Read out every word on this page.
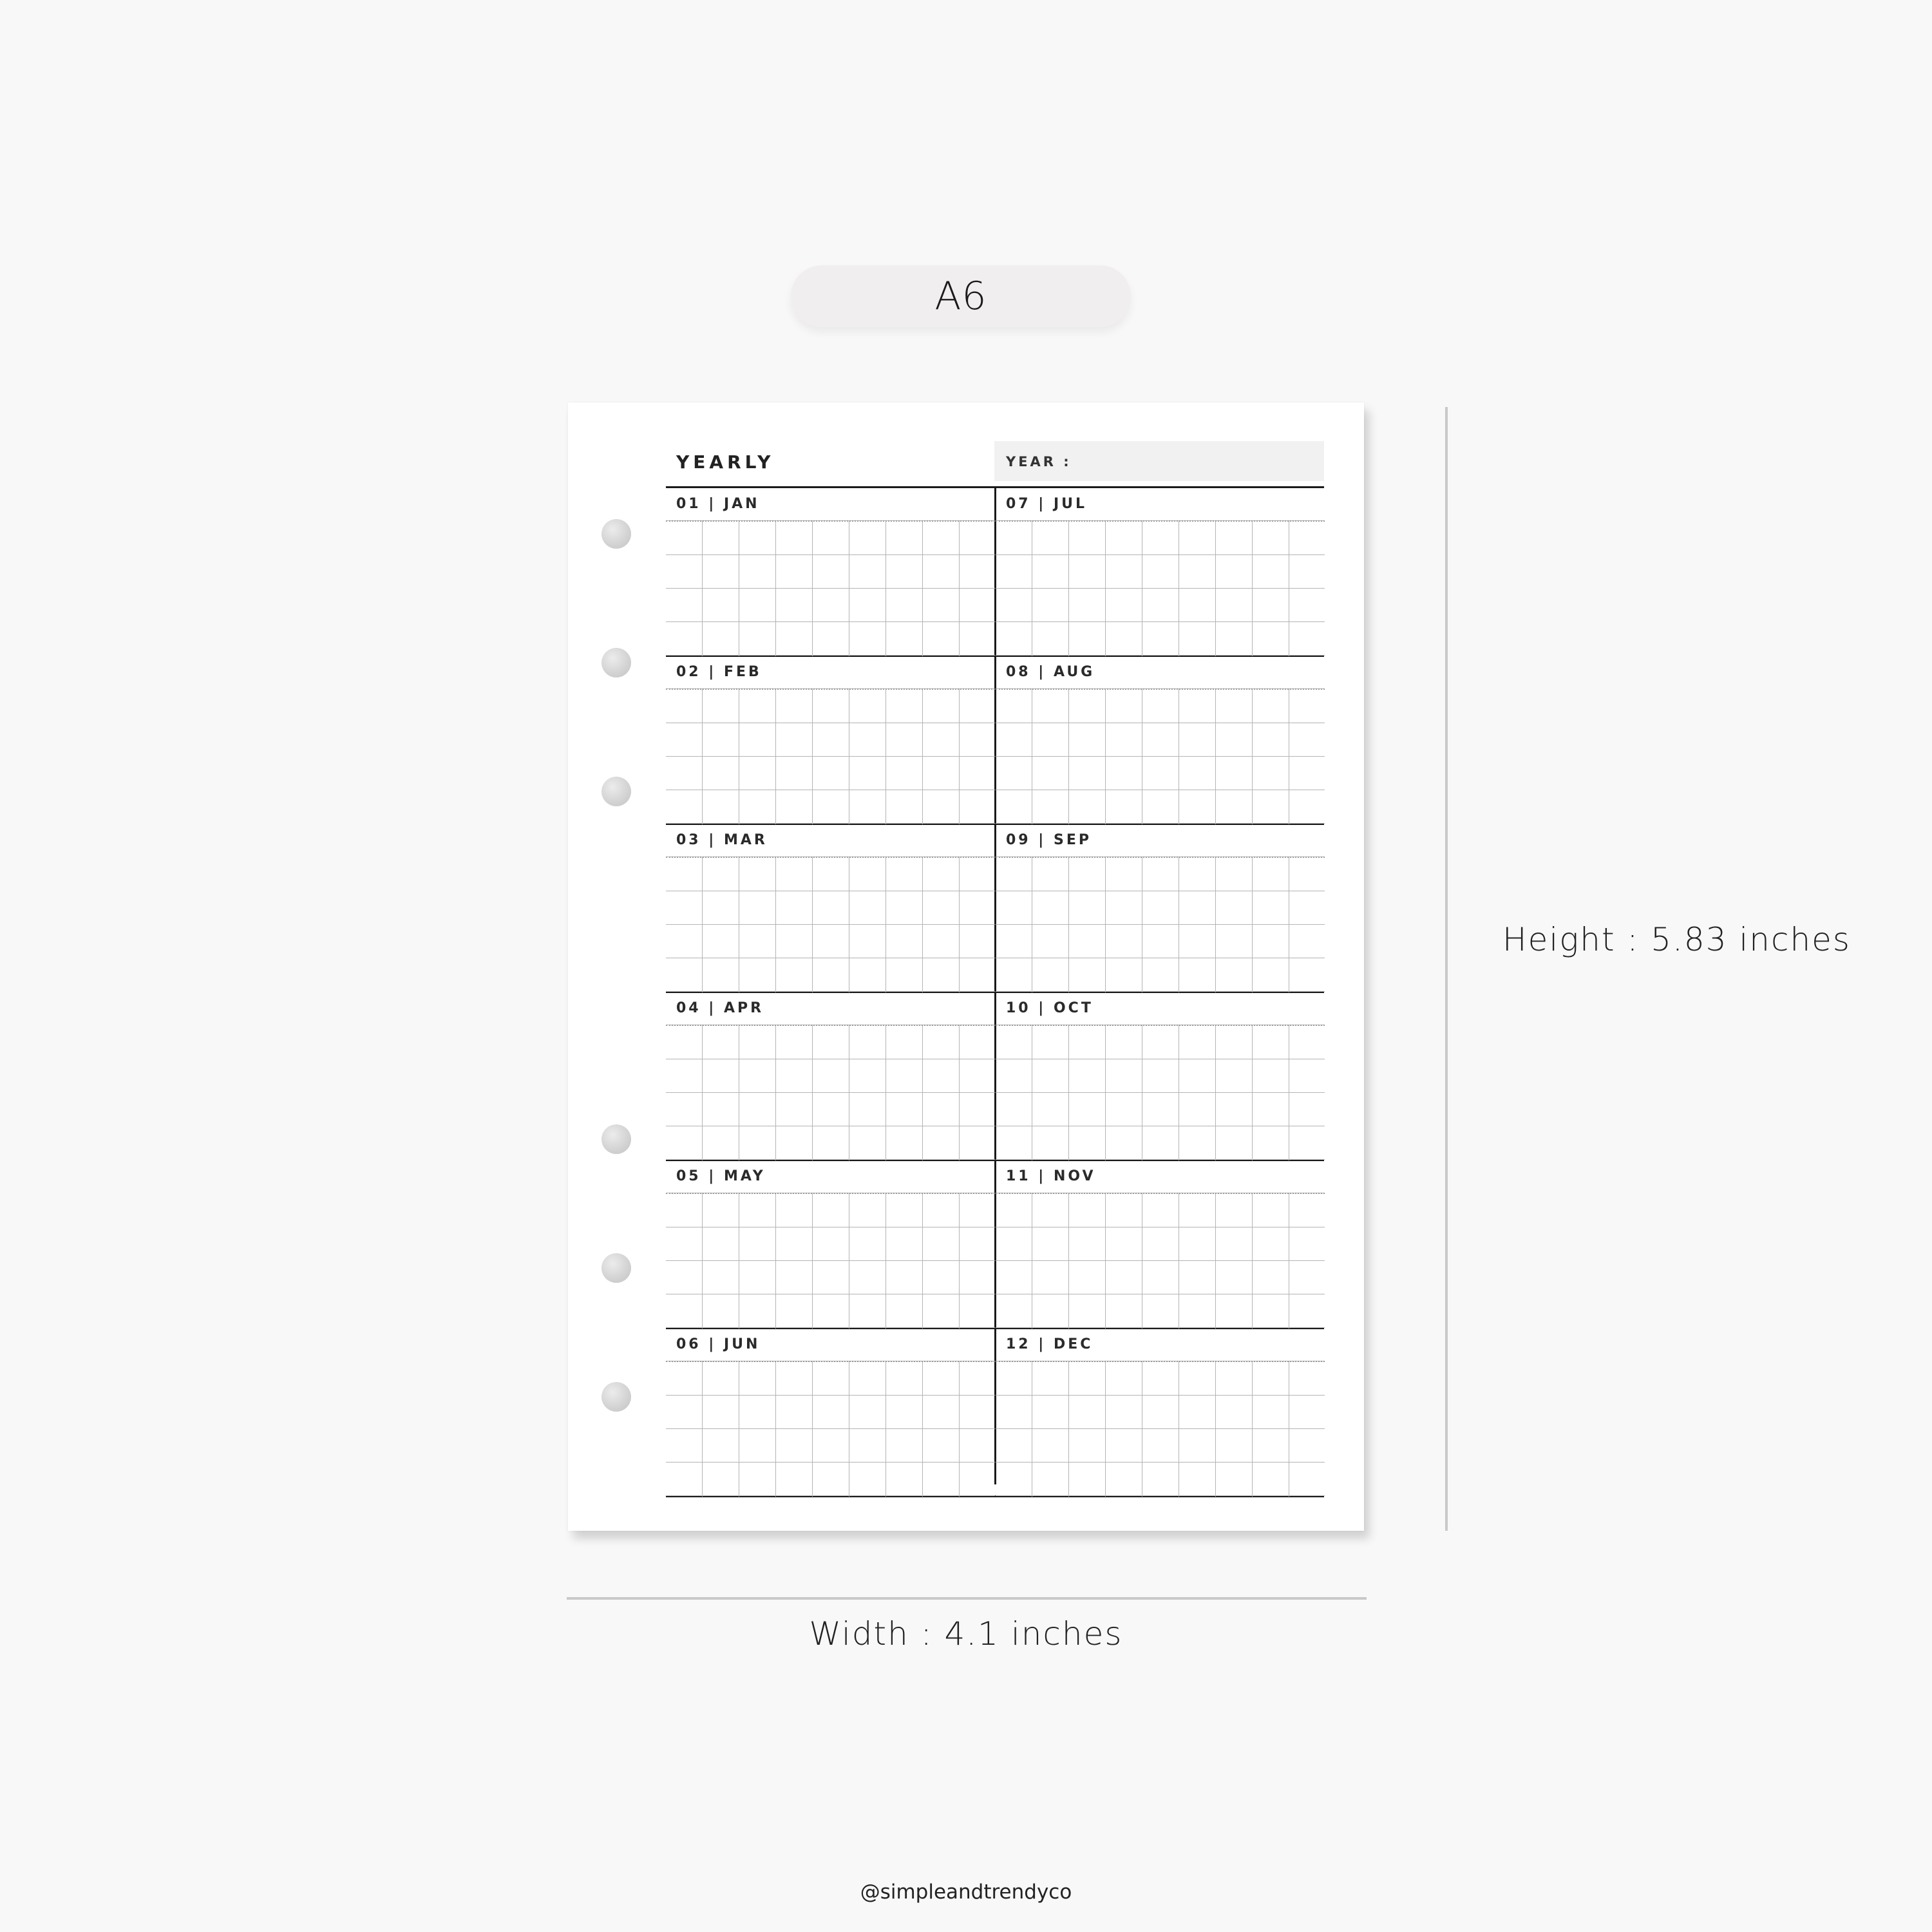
A6
YEARLY	YEAR :
01 | JAN
02 | FEB
03 | MAR
04 | APR
05 | MAY
06 | JUN
07 | JUL
08 | AUG
09 | SEP
10 | OCT
11 | NOV
12 | DEC
Height : 5.83 inches
Width : 4.1 inches
@simpleandtrendyco
